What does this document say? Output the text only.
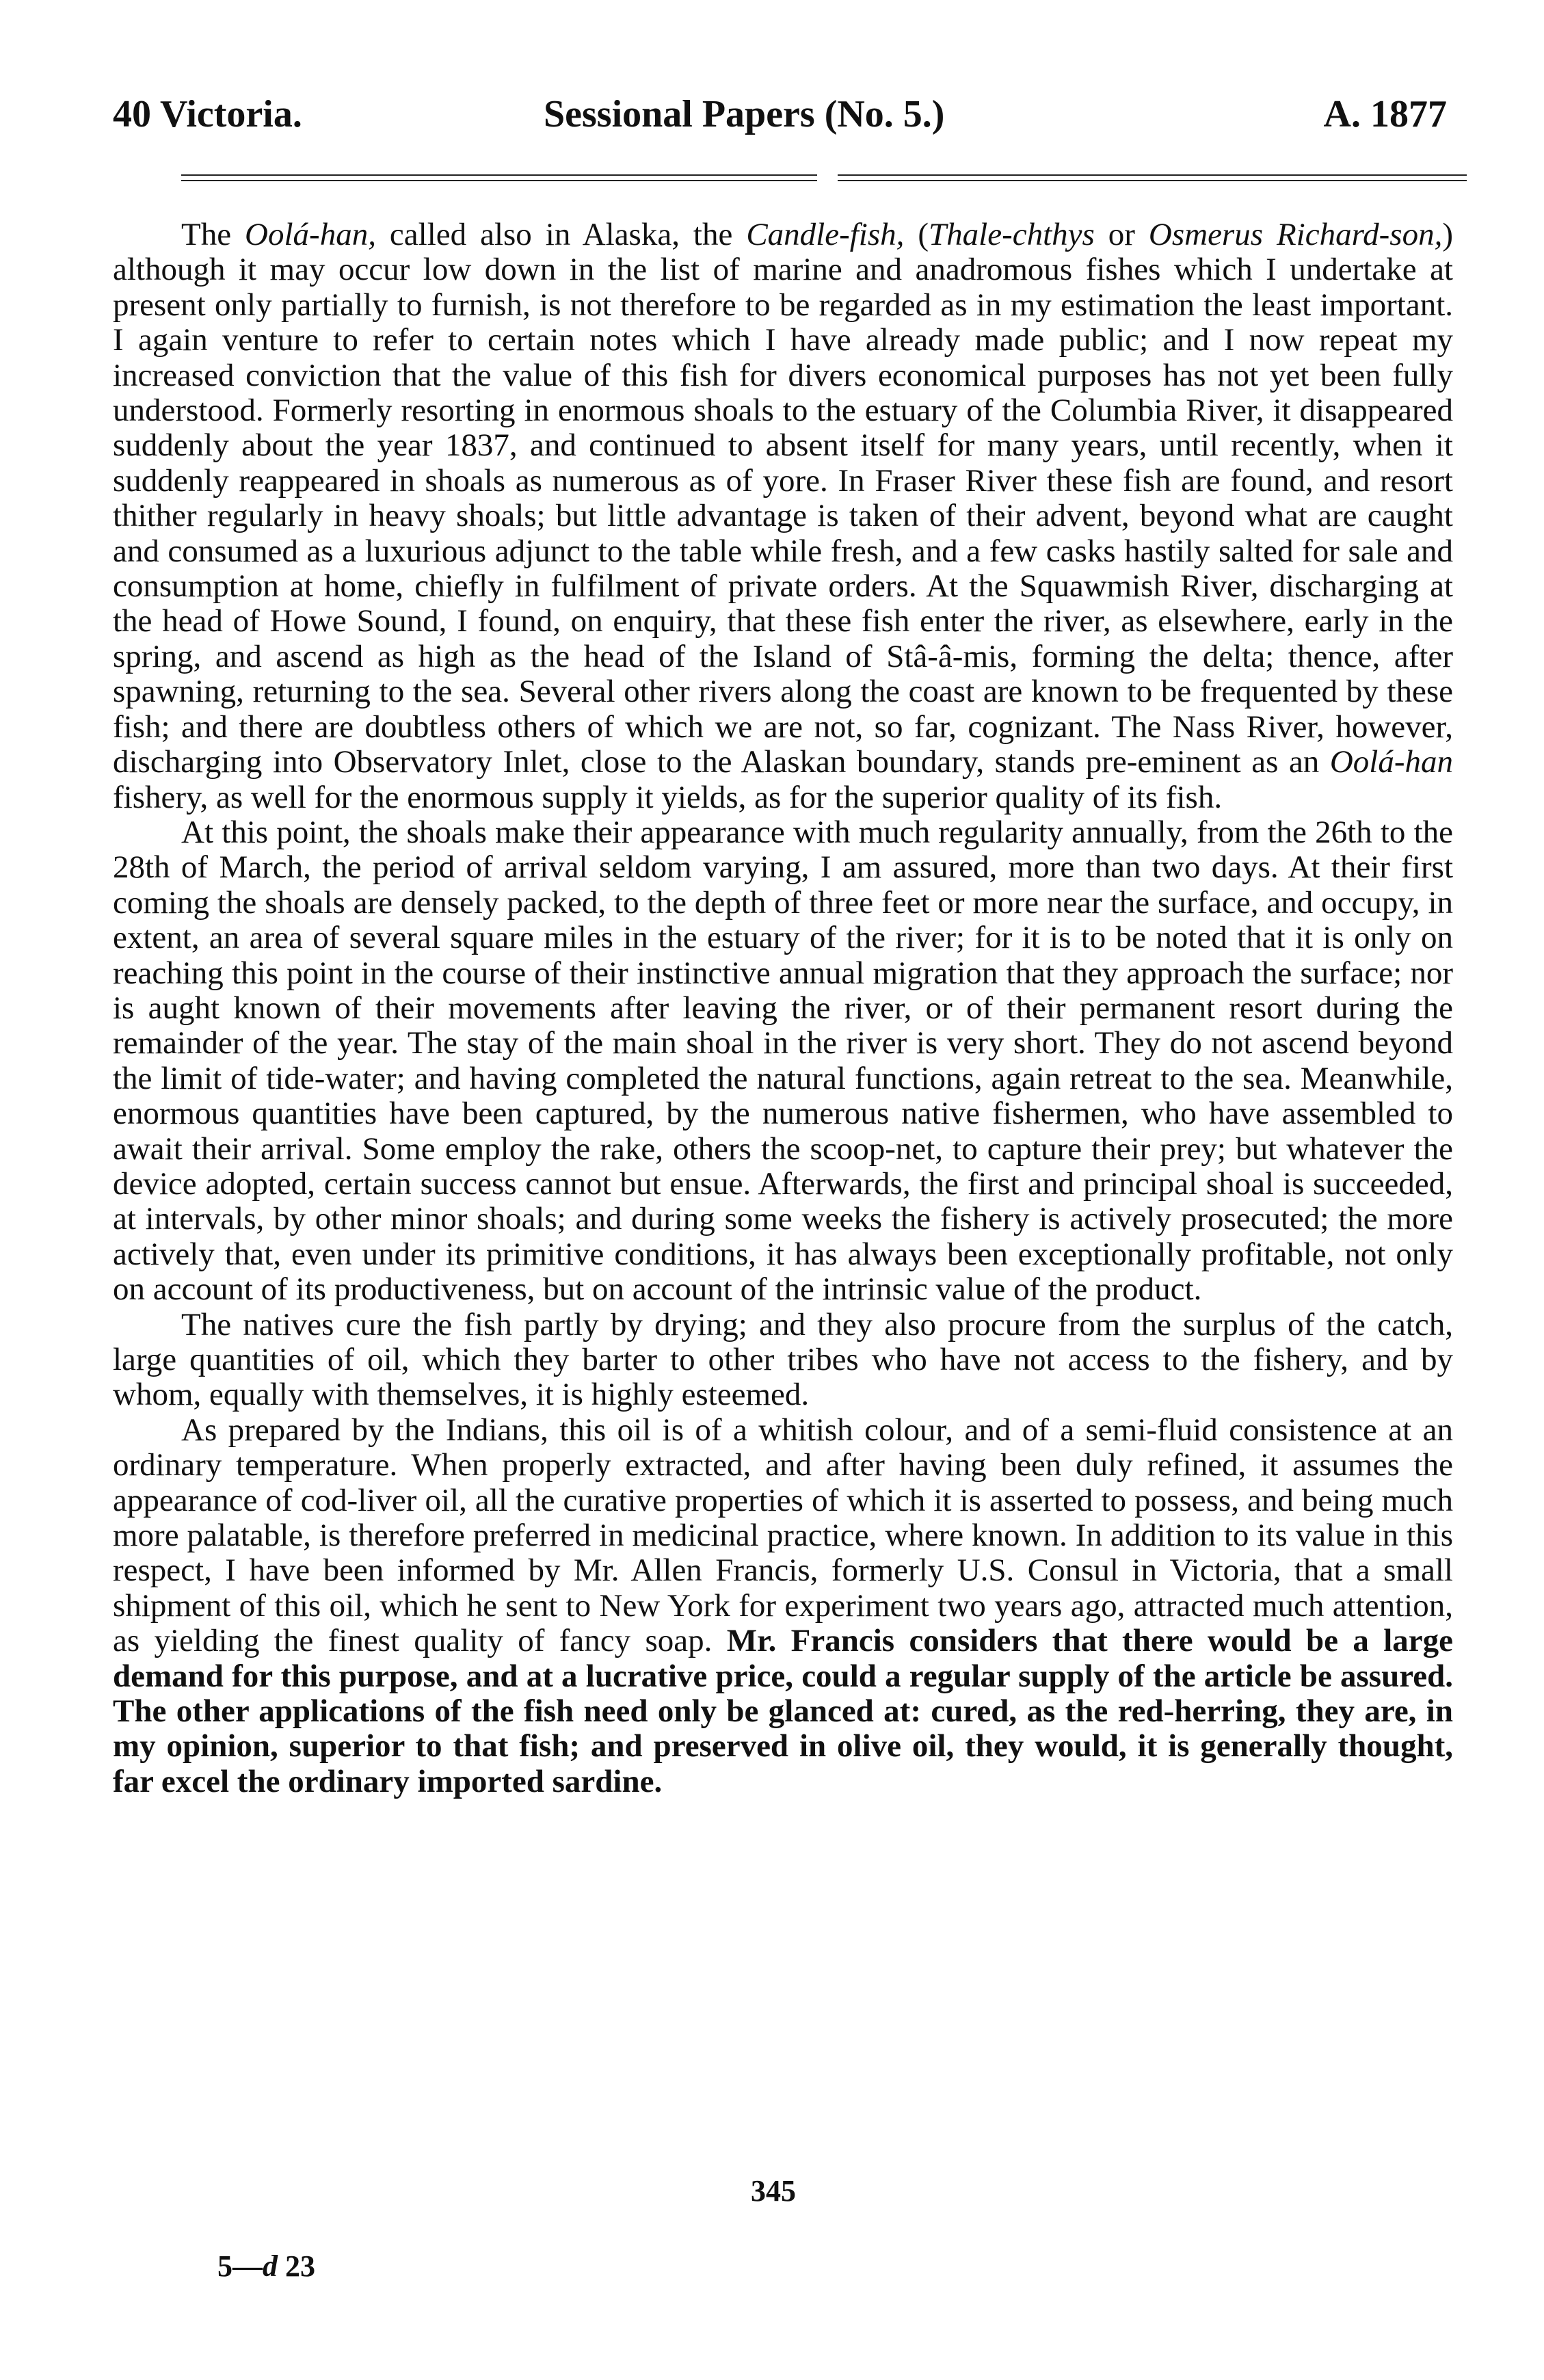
40 Victoria.	Sessional Papers (No. 5.)	A. 1877

The Oolá-han, called also in Alaska, the Candle-fish, (Thale-chthys or Osmerus Richard-son,) although it may occur low down in the list of marine and anadromous fishes which I undertake at present only partially to furnish, is not therefore to be regarded as in my estimation the least important. I again venture to refer to certain notes which I have already made public; and I now repeat my increased conviction that the value of this fish for divers economical purposes has not yet been fully understood. Formerly resorting in enormous shoals to the estuary of the Columbia River, it disappeared suddenly about the year 1837, and continued to absent itself for many years, until recently, when it suddenly reappeared in shoals as numerous as of yore. In Fraser River these fish are found, and resort thither regularly in heavy shoals; but little advantage is taken of their advent, beyond what are caught and consumed as a luxurious adjunct to the table while fresh, and a few casks hastily salted for sale and consumption at home, chiefly in fulfilment of private orders. At the Squawmish River, discharging at the head of Howe Sound, I found, on enquiry, that these fish enter the river, as elsewhere, early in the spring, and ascend as high as the head of the Island of Stâ-â-mis, forming the delta; thence, after spawning, returning to the sea. Several other rivers along the coast are known to be frequented by these fish; and there are doubtless others of which we are not, so far, cognizant. The Nass River, however, discharging into Observatory Inlet, close to the Alaskan boundary, stands pre-eminent as an Oolá-han fishery, as well for the enormous supply it yields, as for the superior quality of its fish.

At this point, the shoals make their appearance with much regularity annually, from the 26th to the 28th of March, the period of arrival seldom varying, I am assured, more than two days. At their first coming the shoals are densely packed, to the depth of three feet or more near the surface, and occupy, in extent, an area of several square miles in the estuary of the river; for it is to be noted that it is only on reaching this point in the course of their instinctive annual migration that they approach the surface; nor is aught known of their movements after leaving the river, or of their permanent resort during the remainder of the year. The stay of the main shoal in the river is very short. They do not ascend beyond the limit of tide-water; and having completed the natural functions, again retreat to the sea. Meanwhile, enormous quantities have been captured, by the numerous native fishermen, who have assembled to await their arrival. Some employ the rake, others the scoop-net, to capture their prey; but whatever the device adopted, certain success cannot but ensue. Afterwards, the first and principal shoal is succeeded, at intervals, by other minor shoals; and during some weeks the fishery is actively prosecuted; the more actively that, even under its primitive conditions, it has always been exceptionally profitable, not only on account of its productiveness, but on account of the intrinsic value of the product.

The natives cure the fish partly by drying; and they also procure from the surplus of the catch, large quantities of oil, which they barter to other tribes who have not access to the fishery, and by whom, equally with themselves, it is highly esteemed.

As prepared by the Indians, this oil is of a whitish colour, and of a semi-fluid consistence at an ordinary temperature. When properly extracted, and after having been duly refined, it assumes the appearance of cod-liver oil, all the curative properties of which it is asserted to possess, and being much more palatable, is therefore preferred in medicinal practice, where known. In addition to its value in this respect, I have been informed by Mr. Allen Francis, formerly U.S. Consul in Victoria, that a small shipment of this oil, which he sent to New York for experiment two years ago, attracted much attention, as yielding the finest quality of fancy soap. Mr. Francis considers that there would be a large demand for this purpose, and at a lucrative price, could a regular supply of the article be assured. The other applications of the fish need only be glanced at: cured, as the red-herring, they are, in my opinion, superior to that fish; and preserved in olive oil, they would, it is generally thought, far excel the ordinary imported sardine.

345
5—d 23
